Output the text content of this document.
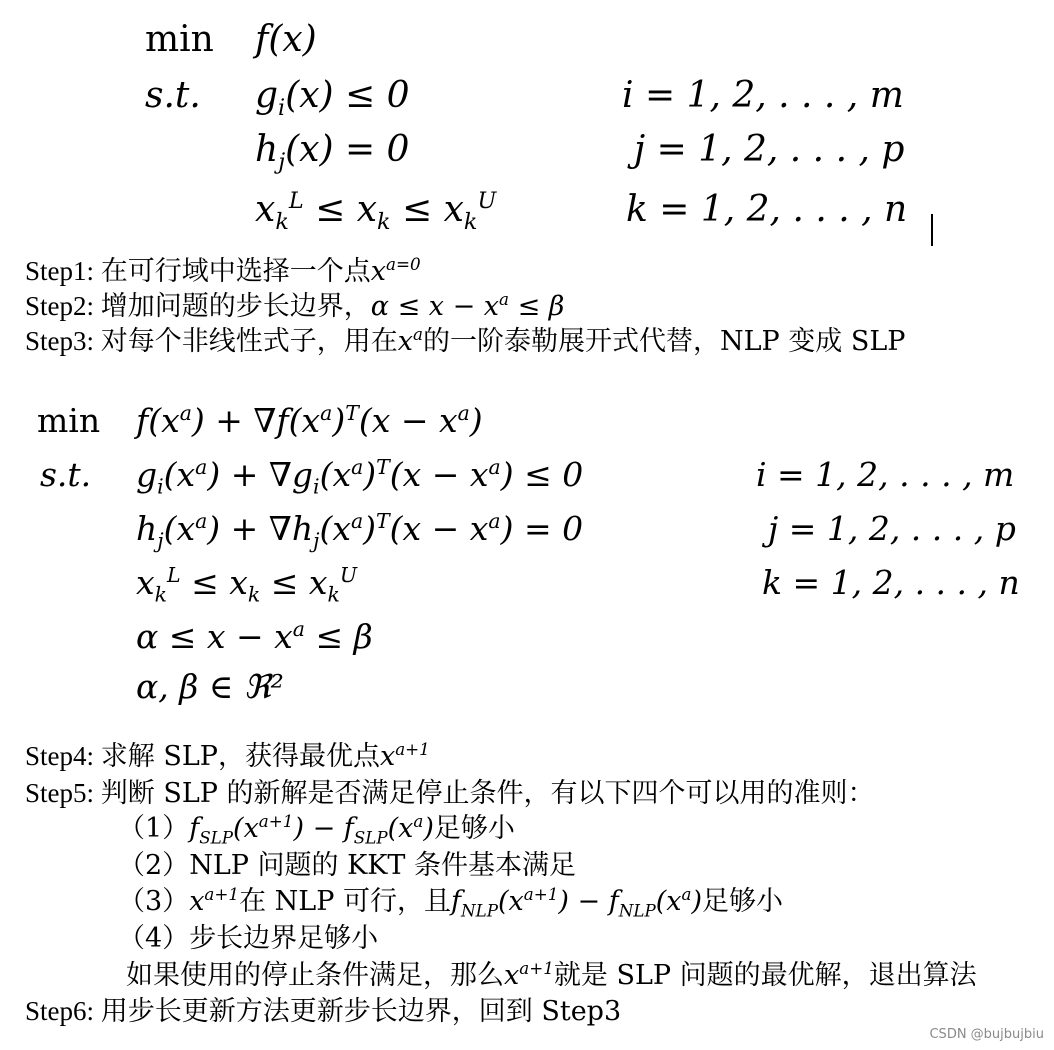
min f(x)
s.t. $g_i(x) \le 0$	i = 1, 2, . . . , m
$h_j(x) = 0$	j = 1, 2, . . . , p
$x_k^L \le x_k \le x_k^U$	k = 1, 2, . . . , n
Step1: 在可行域中选择一个点$x^{a=0}$
Step2: 增加问题的步长边界，$\alpha \le x - x^a \le \beta$
Step3: 对每个非线性式子，用在$x^a$的一阶泰勒展开式代替，NLP 变成 SLP
$\min f(x^a) + \nabla f(x^a)^T(x - x^a)$
s.t. $g_i(x^a) + \nabla g_i(x^a)^T(x - x^a) \le 0$	i = 1, 2, . . . , m
$h_j(x^a) + \nabla h_j(x^a)^T(x - x^a) = 0$	j = 1, 2, . . . , p
$x_k^L \le x_k \le x_k^U$	k = 1, 2, . . . , n
$\alpha \le x - x^a \le \beta$
α, β ∈ ℜ²
Step4: 求解 SLP，获得最优点$x^{a+1}$
Step5: 判断 SLP 的新解是否满足停止条件，有以下四个可以用的准则：
$(1)f_{SLP}(x^{a+1}) - f_{SLP}(x^a)$足够小
（2）NLP 问题的 KKT 条件基本满足
$(3)x^{a+1}$在 NLP 可行，且$f_{NLP}(x^{a+1}) - f_{NLP}(x^a)$足够小
（4）步长边界足够小
如果使用的停止条件满足，那么$x^{a+1}$就是 SLP 问题的最优解，退出算法
Step6: 用步长更新方法更新步长边界，回到 Step3
CSDN @bujbujbiu
